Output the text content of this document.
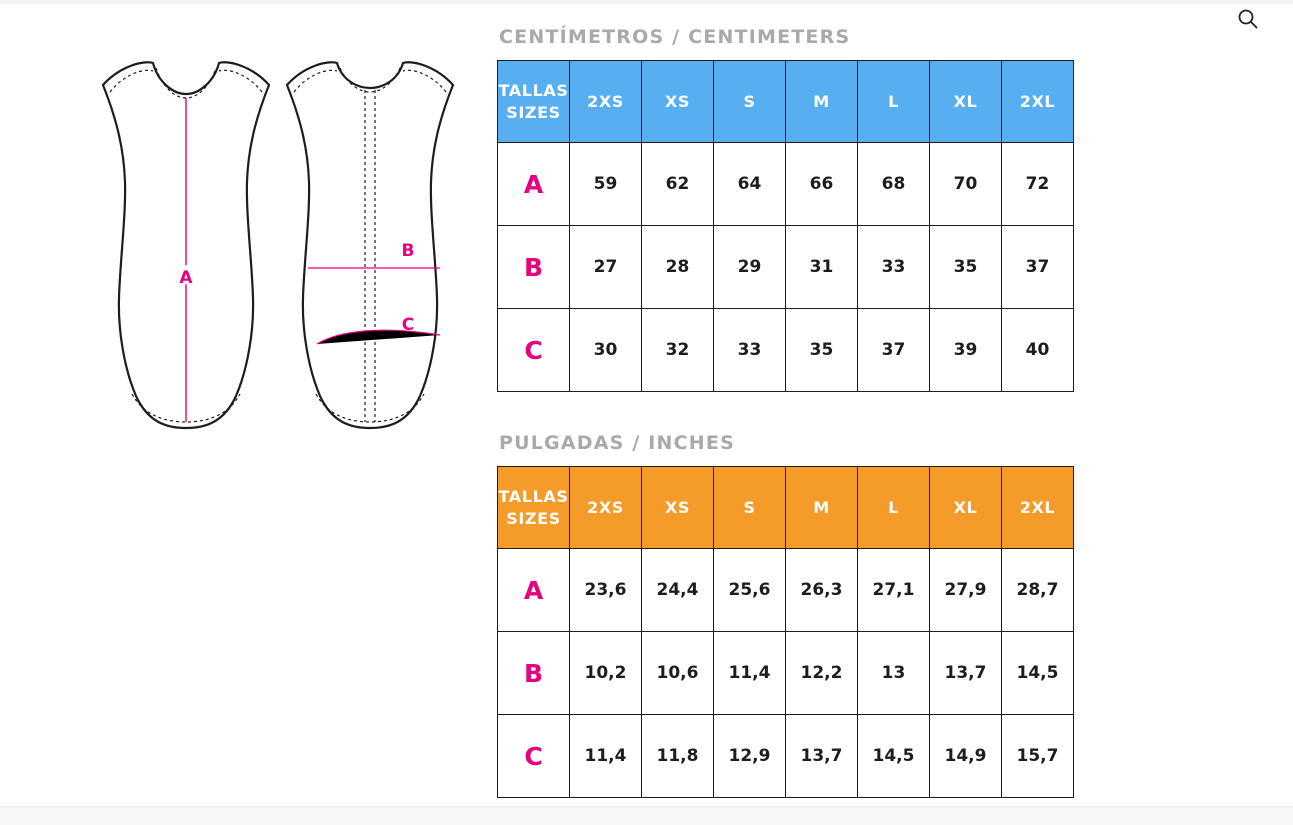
A
B
C
CENTÍMETROS / CENTIMETERS
TALLAS
SIZES	2XS	XS	S	M	L	XL	2XL
A	59	62	64	66	68	70	72
B	27	28	29	31	33	35	37
C	30	32	33	35	37	39	40
PULGADAS / INCHES
TALLAS
SIZES	2XS	XS	S	M	L	XL	2XL
A	23,6	24,4	25,6	26,3	27,1	27,9	28,7
B	10,2	10,6	11,4	12,2	13	13,7	14,5
C	11,4	11,8	12,9	13,7	14,5	14,9	15,7
